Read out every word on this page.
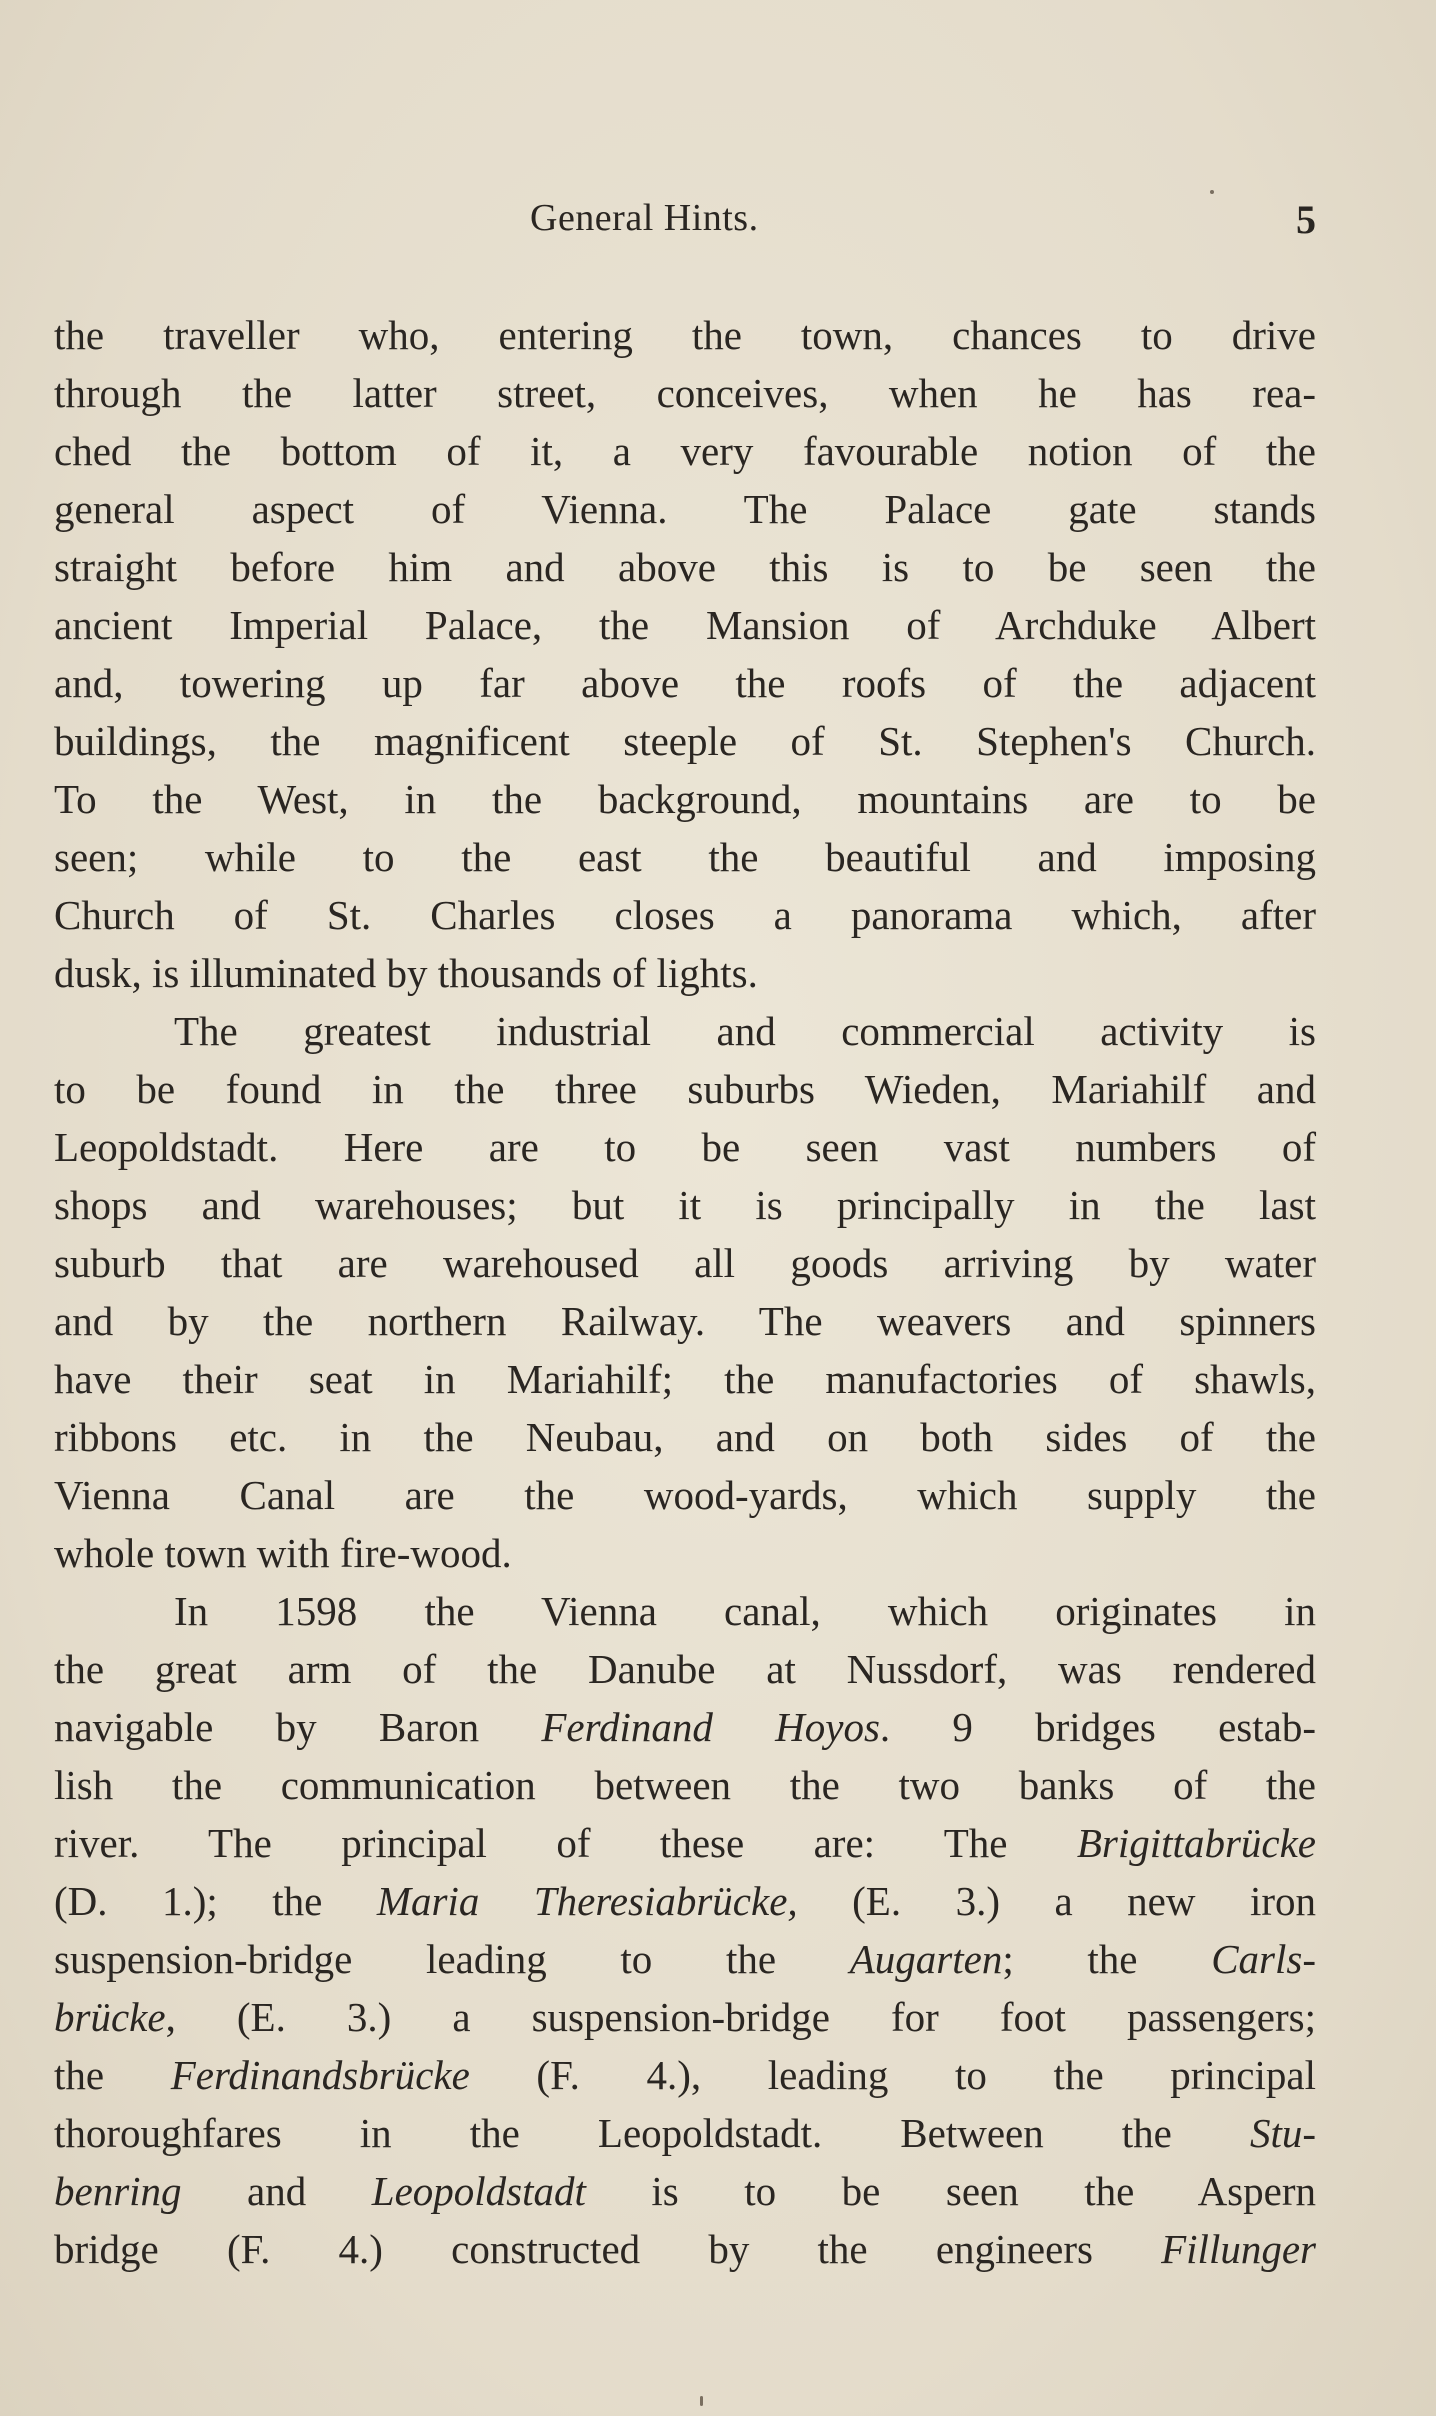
General Hints.	5
the traveller who, entering the town, chances to drive
through the latter street, conceives, when he has rea-
ched the bottom of it, a very favourable notion of the
general aspect of Vienna. The Palace gate stands
straight before him and above this is to be seen the
ancient Imperial Palace, the Mansion of Archduke Albert
and, towering up far above the roofs of the adjacent
buildings, the magnificent steeple of St. Stephen's Church.
To the West, in the background, mountains are to be
seen; while to the east the beautiful and imposing
Church of St. Charles closes a panorama which, after
dusk, is illuminated by thousands of lights.
The greatest industrial and commercial activity is
to be found in the three suburbs Wieden, Mariahilf and
Leopoldstadt. Here are to be seen vast numbers of
shops and warehouses; but it is principally in the last
suburb that are warehoused all goods arriving by water
and by the northern Railway. The weavers and spinners
have their seat in Mariahilf; the manufactories of shawls,
ribbons etc. in the Neubau, and on both sides of the
Vienna Canal are the wood-yards, which supply the
whole town with fire-wood.
In 1598 the Vienna canal, which originates in
the great arm of the Danube at Nussdorf, was rendered
navigable by Baron Ferdinand Hoyos. 9 bridges estab-
lish the communication between the two banks of the
river. The principal of these are: The Brigittabrücke
(D. 1.); the Maria Theresiabrücke, (E. 3.) a new iron
suspension-bridge leading to the Augarten; the Carls-
brücke, (E. 3.) a suspension-bridge for foot passengers;
the Ferdinandsbrücke (F. 4.), leading to the principal
thoroughfares in the Leopoldstadt. Between the Stu-
benring and Leopoldstadt is to be seen the Aspern
bridge (F. 4.) constructed by the engineers Fillunger
